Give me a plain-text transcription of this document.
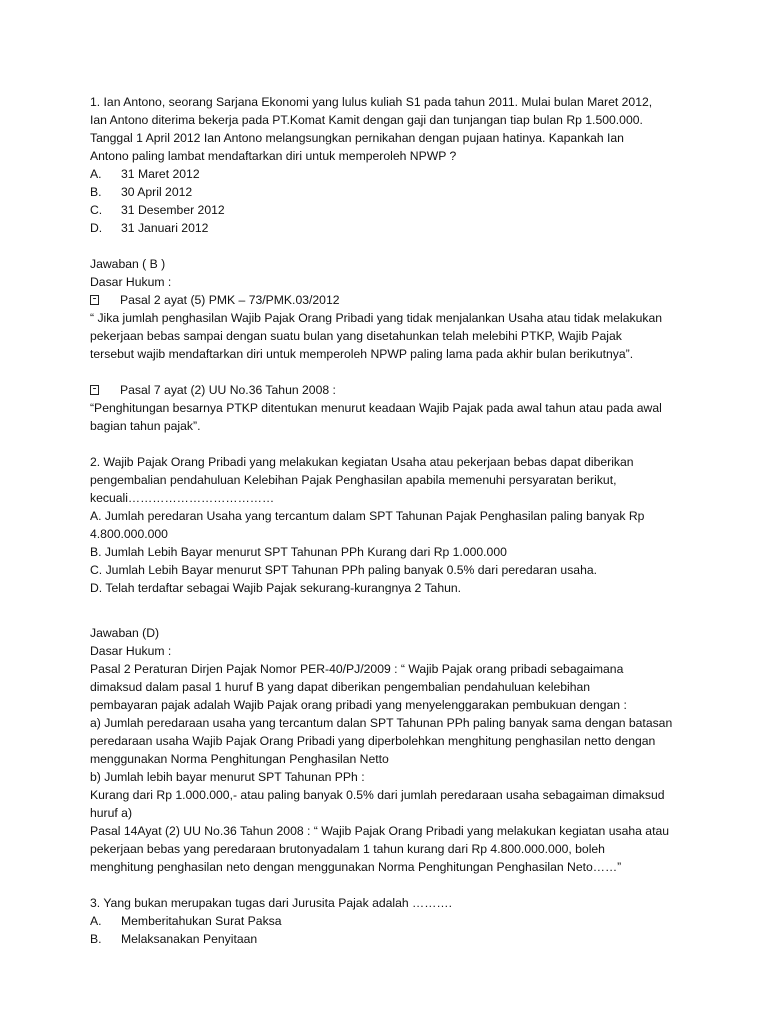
1. Ian Antono, seorang Sarjana Ekonomi yang lulus kuliah S1 pada tahun 2011. Mulai bulan Maret 2012,
Ian Antono diterima bekerja pada PT.Komat Kamit dengan gaji dan tunjangan tiap bulan Rp 1.500.000.
Tanggal 1 April 2012 Ian Antono melangsungkan pernikahan dengan pujaan hatinya. Kapankah Ian
Antono paling lambat mendaftarkan diri untuk memperoleh NPWP ?
A. 31 Maret 2012
B. 30 April 2012
C. 31 Desember 2012
D. 31 Januari 2012
Jawaban ( B )
Dasar Hukum :
Pasal 2 ayat (5) PMK – 73/PMK.03/2012
“ Jika jumlah penghasilan Wajib Pajak Orang Pribadi yang tidak menjalankan Usaha atau tidak melakukan
pekerjaan bebas sampai dengan suatu bulan yang disetahunkan telah melebihi PTKP, Wajib Pajak
tersebut wajib mendaftarkan diri untuk memperoleh NPWP paling lama pada akhir bulan berikutnya”.
Pasal 7 ayat (2) UU No.36 Tahun 2008 :
“Penghitungan besarnya PTKP ditentukan menurut keadaan Wajib Pajak pada awal tahun atau pada awal
bagian tahun pajak”.
2. Wajib Pajak Orang Pribadi yang melakukan kegiatan Usaha atau pekerjaan bebas dapat diberikan
pengembalian pendahuluan Kelebihan Pajak Penghasilan apabila memenuhi persyaratan berikut,
kecuali………………………………
A. Jumlah peredaran Usaha yang tercantum dalam SPT Tahunan Pajak Penghasilan paling banyak Rp
4.800.000.000
B. Jumlah Lebih Bayar menurut SPT Tahunan PPh Kurang dari Rp 1.000.000
C. Jumlah Lebih Bayar menurut SPT Tahunan PPh paling banyak 0.5% dari peredaran usaha.
D. Telah terdaftar sebagai Wajib Pajak sekurang-kurangnya 2 Tahun.
Jawaban (D)
Dasar Hukum :
Pasal 2 Peraturan Dirjen Pajak Nomor PER-40/PJ/2009 : “ Wajib Pajak orang pribadi sebagaimana
dimaksud dalam pasal 1 huruf B yang dapat diberikan pengembalian pendahuluan kelebihan
pembayaran pajak adalah Wajib Pajak orang pribadi yang menyelenggarakan pembukuan dengan :
a) Jumlah peredaraan usaha yang tercantum dalan SPT Tahunan PPh paling banyak sama dengan batasan
peredaraan usaha Wajib Pajak Orang Pribadi yang diperbolehkan menghitung penghasilan netto dengan
menggunakan Norma Penghitungan Penghasilan Netto
b) Jumlah lebih bayar menurut SPT Tahunan PPh :
Kurang dari Rp 1.000.000,- atau paling banyak 0.5% dari jumlah peredaraan usaha sebagaiman dimaksud
huruf a)
Pasal 14Ayat (2) UU No.36 Tahun 2008 : “ Wajib Pajak Orang Pribadi yang melakukan kegiatan usaha atau
pekerjaan bebas yang peredaraan brutonyadalam 1 tahun kurang dari Rp 4.800.000.000, boleh
menghitung penghasilan neto dengan menggunakan Norma Penghitungan Penghasilan Neto……”
3. Yang bukan merupakan tugas dari Jurusita Pajak adalah ……….
A. Memberitahukan Surat Paksa
B. Melaksanakan Penyitaan
